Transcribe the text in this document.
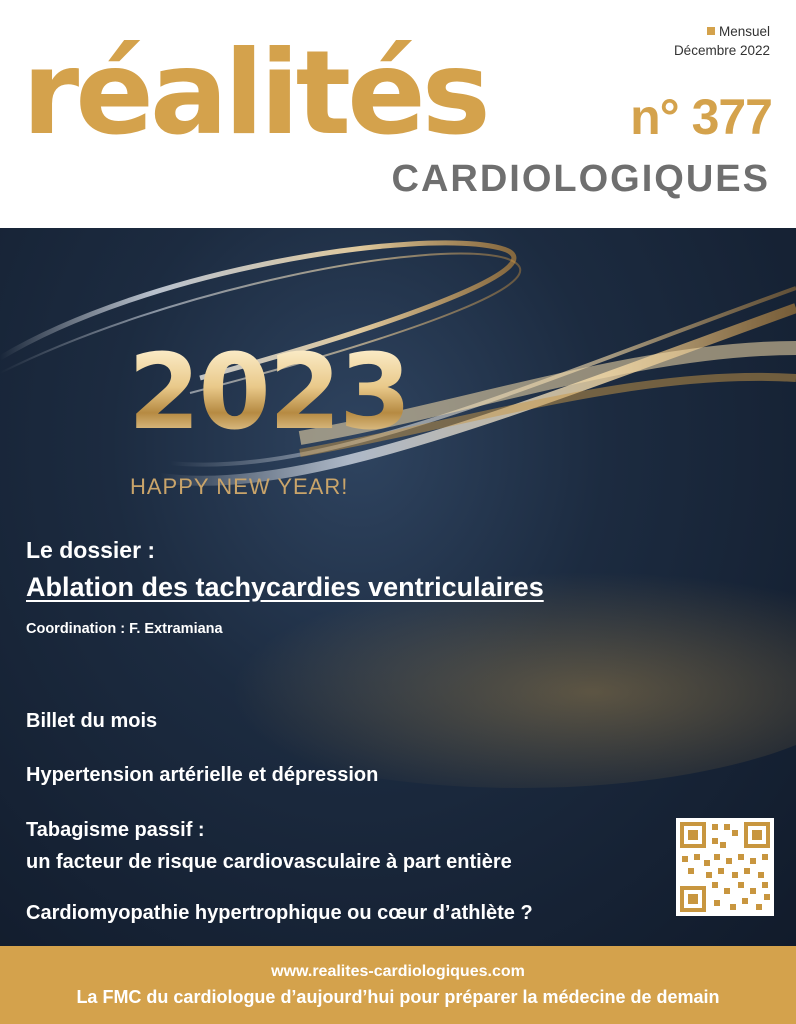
réalités	Mensuel
Décembre 2022
n° 377
CARDIOLOGIQUES
2023
HAPPY NEW YEAR!
Le dossier :
Ablation des tachycardies ventriculaires
Coordination : F. Extramiana
Billet du mois
Hypertension artérielle et dépression
Tabagisme passif :
un facteur de risque cardiovasculaire à part entière
Cardiomyopathie hypertrophique ou cœur d’athlète ?
www.realites-cardiologiques.com
La FMC du cardiologue d’aujourd’hui pour préparer la médecine de demain
